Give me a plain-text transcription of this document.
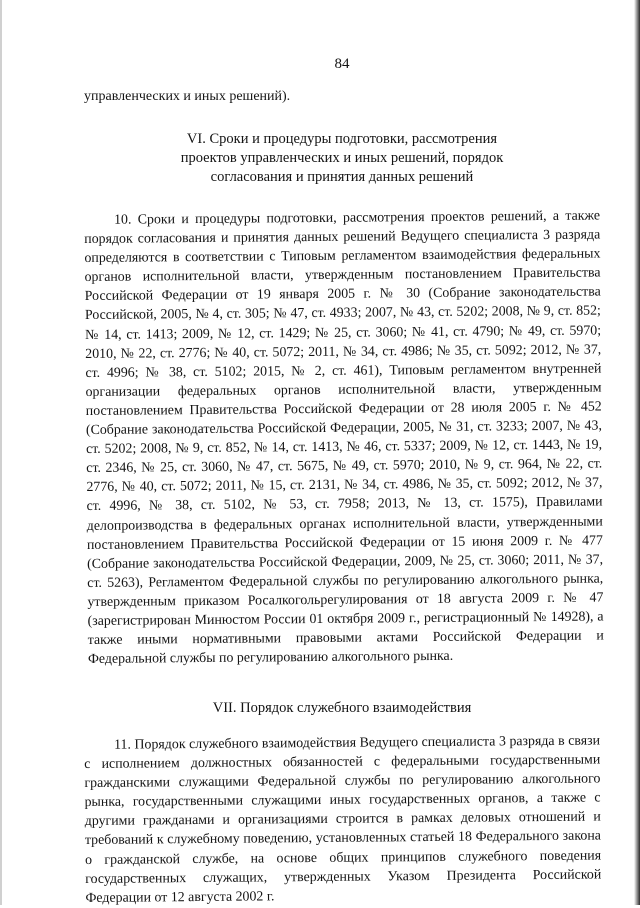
84

управленческих и иных решений).

VI. Сроки и процедуры подготовки, рассмотрения
проектов управленческих и иных решений, порядок
согласования и принятия данных решений

10. Сроки и процедуры подготовки, рассмотрения проектов решений, а также порядок согласования и принятия данных решений Ведущего специалиста 3 разряда определяются в соответствии с Типовым регламентом взаимодействия федеральных органов исполнительной власти, утвержденным постановлением Правительства Российской Федерации от 19 января 2005 г. № 30 (Собрание законодательства Российской, 2005, № 4, ст. 305; № 47, ст. 4933; 2007, № 43, ст. 5202; 2008, № 9, ст. 852; № 14, ст. 1413; 2009, № 12, ст. 1429; № 25, ст. 3060; № 41, ст. 4790; № 49, ст. 5970; 2010, № 22, ст. 2776; № 40, ст. 5072; 2011, № 34, ст. 4986; № 35, ст. 5092; 2012, № 37, ст. 4996; № 38, ст. 5102; 2015, № 2, ст. 461), Типовым регламентом внутренней организации федеральных органов исполнительной власти, утвержденным постановлением Правительства Российской Федерации от 28 июля 2005 г. № 452 (Собрание законодательства Российской Федерации, 2005, № 31, ст. 3233; 2007, № 43, ст. 5202; 2008, № 9, ст. 852, № 14, ст. 1413, № 46, ст. 5337; 2009, № 12, ст. 1443, № 19, ст. 2346, № 25, ст. 3060, № 47, ст. 5675, № 49, ст. 5970; 2010, № 9, ст. 964, № 22, ст. 2776, № 40, ст. 5072; 2011, № 15, ст. 2131, № 34, ст. 4986, № 35, ст. 5092; 2012, № 37, ст. 4996, № 38, ст. 5102, № 53, ст. 7958; 2013, № 13, ст. 1575), Правилами делопроизводства в федеральных органах исполнительной власти, утвержденными постановлением Правительства Российской Федерации от 15 июня 2009 г. № 477 (Собрание законодательства Российской Федерации, 2009, № 25, ст. 3060; 2011, № 37, ст. 5263), Регламентом Федеральной службы по регулированию алкогольного рынка, утвержденным приказом Росалкогольрегулирования от 18 августа 2009 г. № 47 (зарегистрирован Минюстом России 01 октября 2009 г., регистрационный № 14928), а также иными нормативными правовыми актами Российской Федерации и Федеральной службы по регулированию алкогольного рынка.

VII. Порядок служебного взаимодействия

11. Порядок служебного взаимодействия Ведущего специалиста 3 разряда в связи с исполнением должностных обязанностей с федеральными государственными гражданскими служащими Федеральной службы по регулированию алкогольного рынка, государственными служащими иных государственных органов, а также с другими гражданами и организациями строится в рамках деловых отношений и требований к служебному поведению, установленных статьей 18 Федерального закона о гражданской службе, на основе общих принципов служебного поведения государственных служащих, утвержденных Указом Президента Российской Федерации от 12 августа 2002 г.
